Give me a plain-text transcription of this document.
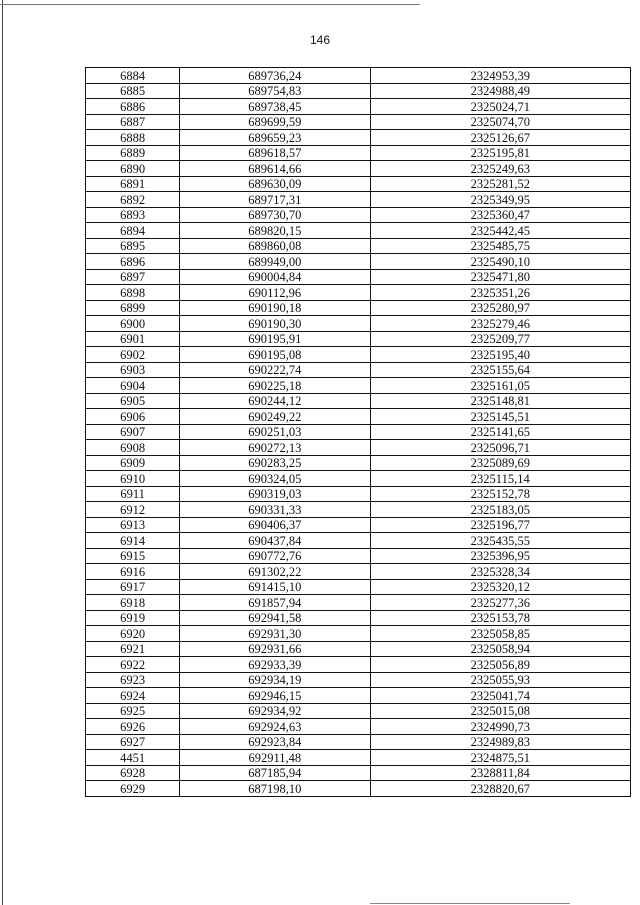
146
6884	689736,24	2324953,39
6885	689754,83	2324988,49
6886	689738,45	2325024,71
6887	689699,59	2325074,70
6888	689659,23	2325126,67
6889	689618,57	2325195,81
6890	689614,66	2325249,63
6891	689630,09	2325281,52
6892	689717,31	2325349,95
6893	689730,70	2325360,47
6894	689820,15	2325442,45
6895	689860,08	2325485,75
6896	689949,00	2325490,10
6897	690004,84	2325471,80
6898	690112,96	2325351,26
6899	690190,18	2325280,97
6900	690190,30	2325279,46
6901	690195,91	2325209,77
6902	690195,08	2325195,40
6903	690222,74	2325155,64
6904	690225,18	2325161,05
6905	690244,12	2325148,81
6906	690249,22	2325145,51
6907	690251,03	2325141,65
6908	690272,13	2325096,71
6909	690283,25	2325089,69
6910	690324,05	2325115,14
6911	690319,03	2325152,78
6912	690331,33	2325183,05
6913	690406,37	2325196,77
6914	690437,84	2325435,55
6915	690772,76	2325396,95
6916	691302,22	2325328,34
6917	691415,10	2325320,12
6918	691857,94	2325277,36
6919	692941,58	2325153,78
6920	692931,30	2325058,85
6921	692931,66	2325058,94
6922	692933,39	2325056,89
6923	692934,19	2325055,93
6924	692946,15	2325041,74
6925	692934,92	2325015,08
6926	692924,63	2324990,73
6927	692923,84	2324989,83
4451	692911,48	2324875,51
6928	687185,94	2328811,84
6929	687198,10	2328820,67
